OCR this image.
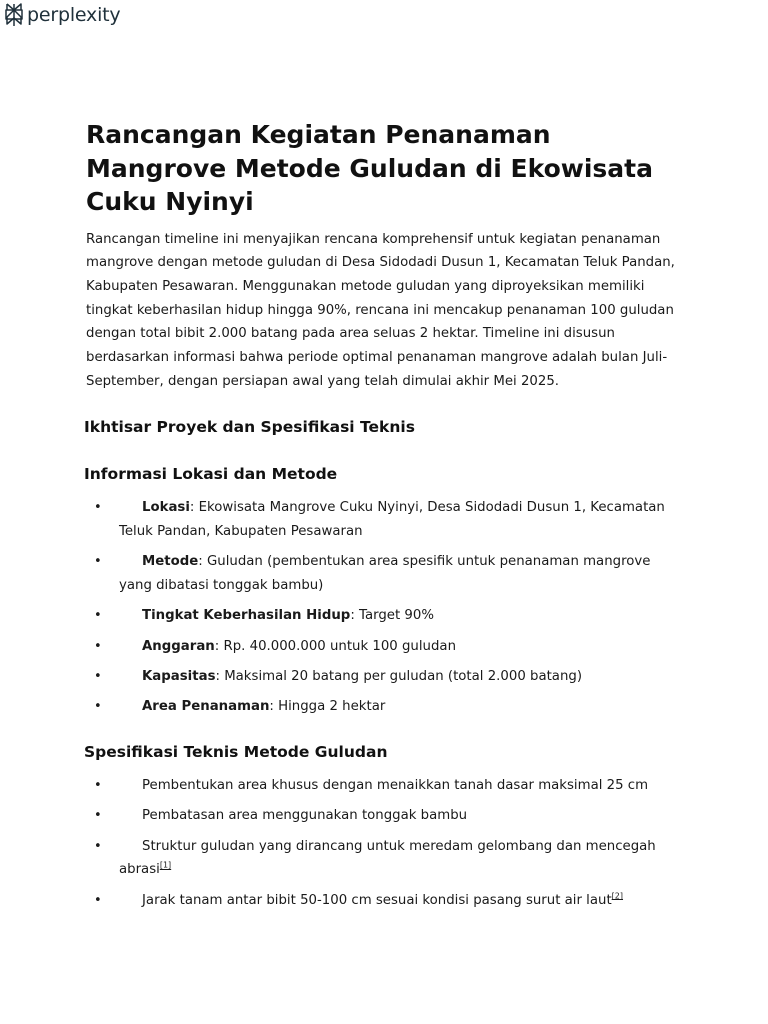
perplexity
Rancangan Kegiatan Penanaman Mangrove Metode Guludan di Ekowisata Cuku Nyinyi

Rancangan timeline ini menyajikan rencana komprehensif untuk kegiatan penanaman mangrove dengan metode guludan di Desa Sidodadi Dusun 1, Kecamatan Teluk Pandan, Kabupaten Pesawaran. Menggunakan metode guludan yang diproyeksikan memiliki tingkat keberhasilan hidup hingga 90%, rencana ini mencakup penanaman 100 guludan dengan total bibit 2.000 batang pada area seluas 2 hektar. Timeline ini disusun berdasarkan informasi bahwa periode optimal penanaman mangrove adalah bulan Juli-September, dengan persiapan awal yang telah dimulai akhir Mei 2025.

Ikhtisar Proyek dan Spesifikasi Teknis
Informasi Lokasi dan Metode
• Lokasi: Ekowisata Mangrove Cuku Nyinyi, Desa Sidodadi Dusun 1, Kecamatan Teluk Pandan, Kabupaten Pesawaran
• Metode: Guludan (pembentukan area spesifik untuk penanaman mangrove yang dibatasi tonggak bambu)
• Tingkat Keberhasilan Hidup: Target 90%
• Anggaran: Rp. 40.000.000 untuk 100 guludan
• Kapasitas: Maksimal 20 batang per guludan (total 2.000 batang)
• Area Penanaman: Hingga 2 hektar
Spesifikasi Teknis Metode Guludan
• Pembentukan area khusus dengan menaikkan tanah dasar maksimal 25 cm
• Pembatasan area menggunakan tonggak bambu
• Struktur guludan yang dirancang untuk meredam gelombang dan mencegah abrasi[1]
• Jarak tanam antar bibit 50-100 cm sesuai kondisi pasang surut air laut[2]
